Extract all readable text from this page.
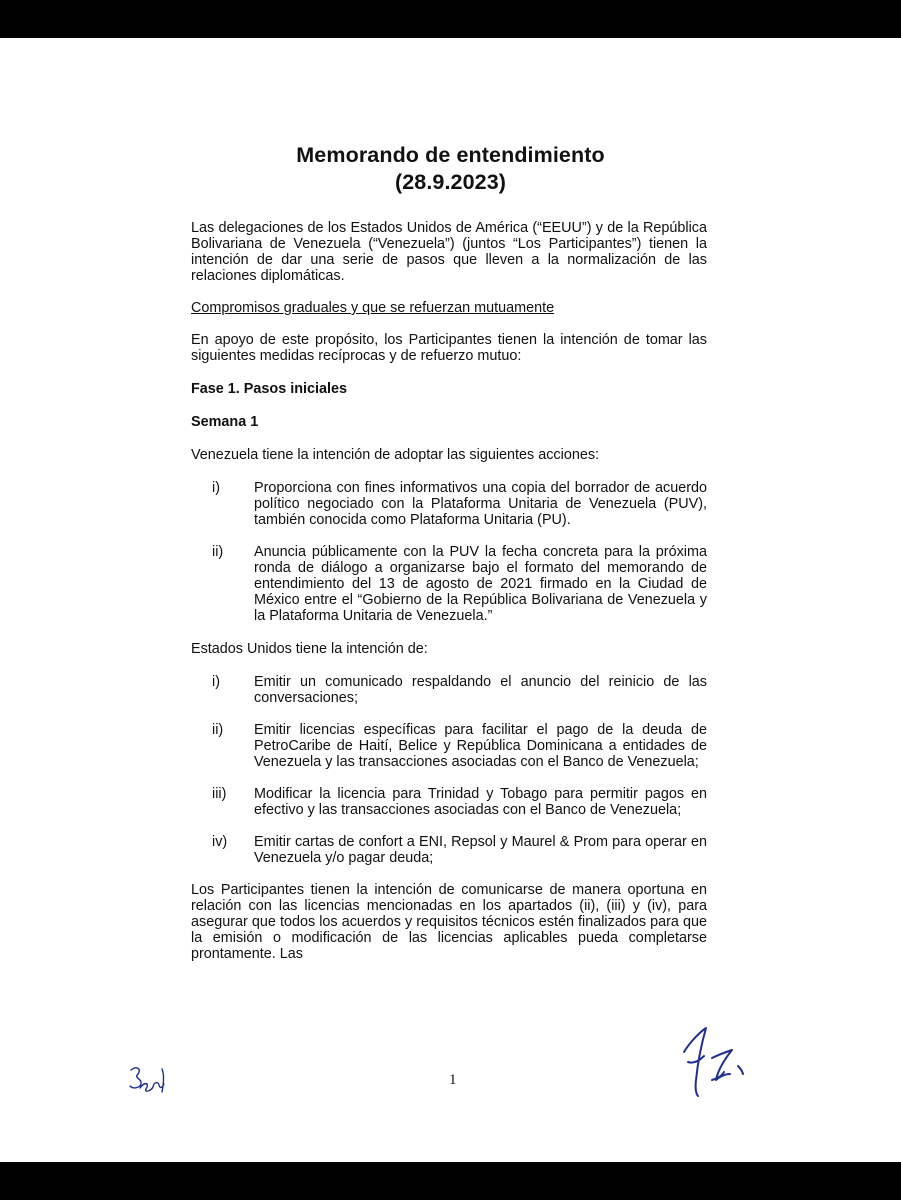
Memorando de entendimiento
(28.9.2023)

Las delegaciones de los Estados Unidos de América (“EEUU”) y de la República Bolivariana de Venezuela (“Venezuela”) (juntos “Los Participantes”) tienen la intención de dar una serie de pasos que lleven a la normalización de las relaciones diplomáticas.

Compromisos graduales y que se refuerzan mutuamente

En apoyo de este propósito, los Participantes tienen la intención de tomar las siguientes medidas recíprocas y de refuerzo mutuo:

Fase 1. Pasos iniciales

Semana 1

Venezuela tiene la intención de adoptar las siguientes acciones:

i)	Proporciona con fines informativos una copia del borrador de acuerdo político negociado con la Plataforma Unitaria de Venezuela (PUV), también conocida como Plataforma Unitaria (PU).
ii)	Anuncia públicamente con la PUV la fecha concreta para la próxima ronda de diálogo a organizarse bajo el formato del memorando de entendimiento del 13 de agosto de 2021 firmado en la Ciudad de México entre el “Gobierno de la República Bolivariana de Venezuela y la Plataforma Unitaria de Venezuela.”

Estados Unidos tiene la intención de:

i)	Emitir un comunicado respaldando el anuncio del reinicio de las conversaciones;
ii)	Emitir licencias específicas para facilitar el pago de la deuda de PetroCaribe de Haití, Belice y República Dominicana a entidades de Venezuela y las transacciones asociadas con el Banco de Venezuela;
iii)	Modificar la licencia para Trinidad y Tobago para permitir pagos en efectivo y las transacciones asociadas con el Banco de Venezuela;
iv)	Emitir cartas de confort a ENI, Repsol y Maurel & Prom para operar en Venezuela y/o pagar deuda;

Los Participantes tienen la intención de comunicarse de manera oportuna en relación con las licencias mencionadas en los apartados (ii), (iii) y (iv), para asegurar que todos los acuerdos y requisitos técnicos estén finalizados para que la emisión o modificación de las licencias aplicables pueda completarse prontamente. Las

1
